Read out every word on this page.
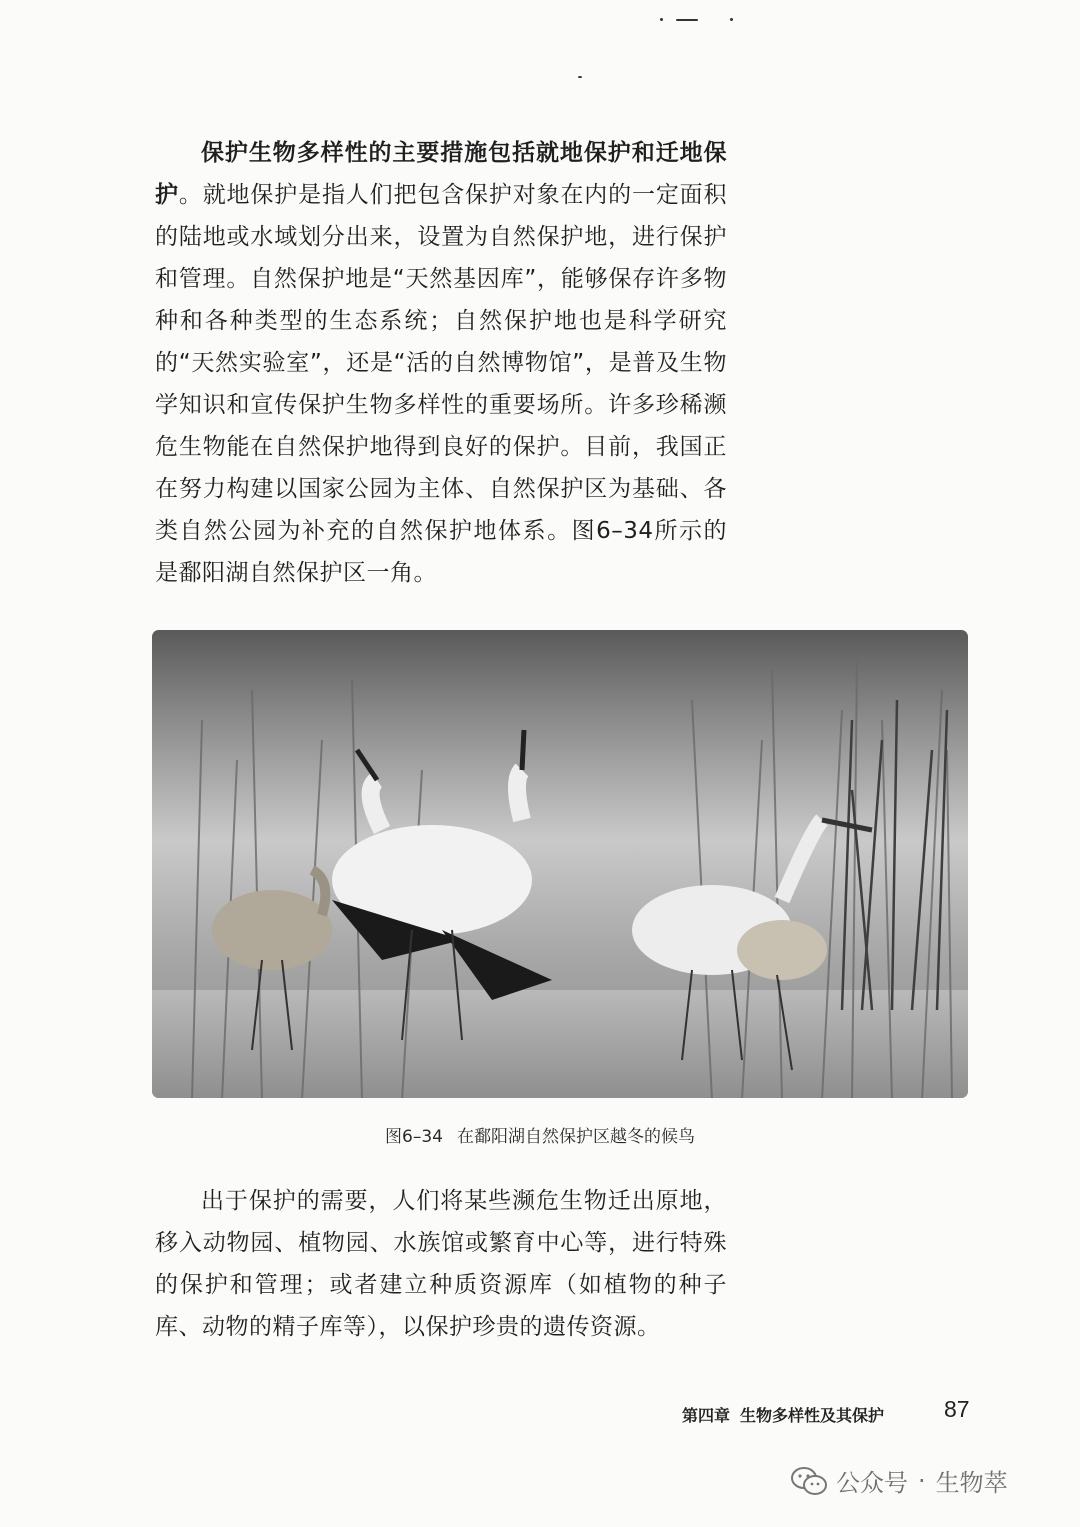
保护生物多样性的主要措施包括就地保护和迁地保护。就地保护是指人们把包含保护对象在内的一定面积的陆地或水域划分出来，设置为自然保护地，进行保护和管理。自然保护地是“天然基因库”，能够保存许多物种和各种类型的生态系统；自然保护地也是科学研究的“天然实验室”，还是“活的自然博物馆”，是普及生物学知识和宣传保护生物多样性的重要场所。许多珍稀濒危生物能在自然保护地得到良好的保护。目前，我国正在努力构建以国家公园为主体、自然保护区为基础、各类自然公园为补充的自然保护地体系。图6–34所示的是鄱阳湖自然保护区一角。

图6–34 在鄱阳湖自然保护区越冬的候鸟

出于保护的需要，人们将某些濒危生物迁出原地，移入动物园、植物园、水族馆或繁育中心等，进行特殊的保护和管理；或者建立种质资源库（如植物的种子库、动物的精子库等），以保护珍贵的遗传资源。

第四章 生物多样性及其保护	87
公众号 · 生物萃
